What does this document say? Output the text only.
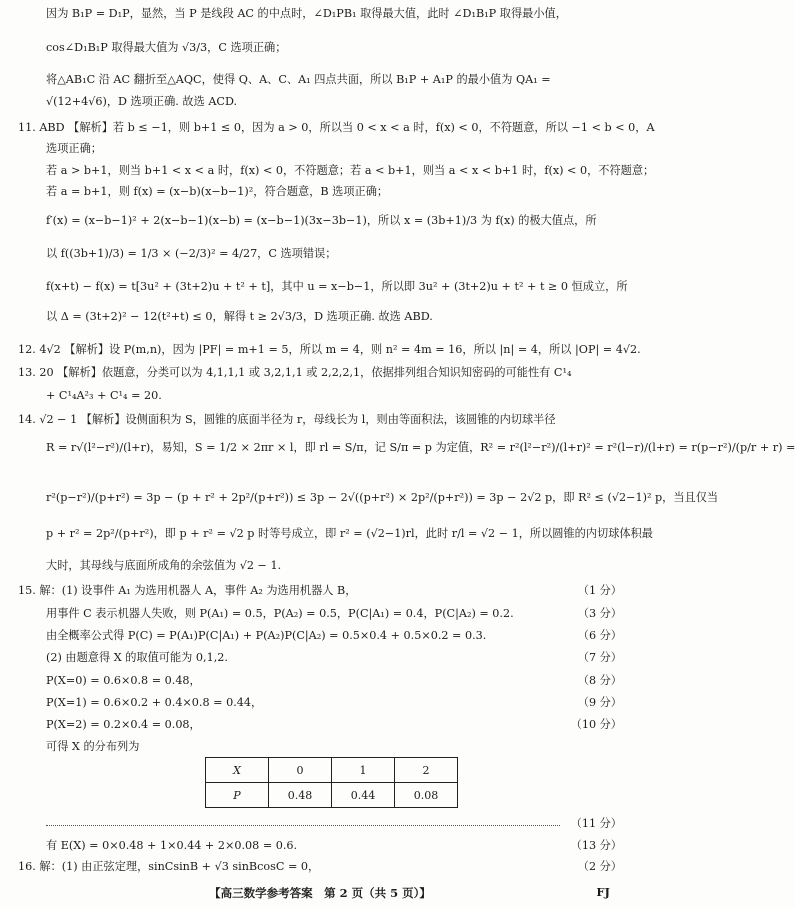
因为 B₁P = D₁P，显然，当 P 是线段 AC 的中点时，∠D₁PB₁ 取得最大值，此时 ∠D₁B₁P 取得最小值，
cos∠D₁B₁P 取得最大值为 √3/3，C 选项正确；
将△AB₁C 沿 AC 翻折至△AQC，使得 Q、A、C、A₁ 四点共面，所以 B₁P + A₁P 的最小值为 QA₁ =
√(12+4√6)，D 选项正确. 故选 ACD.
11. ABD 【解析】若 b ≤ −1，则 b+1 ≤ 0，因为 a > 0，所以当 0 < x < a 时，f(x) < 0，不符题意，所以 −1 < b < 0，A
选项正确；
若 a > b+1，则当 b+1 < x < a 时，f(x) < 0，不符题意；若 a < b+1，则当 a < x < b+1 时，f(x) < 0，不符题意；
若 a = b+1，则 f(x) = (x−b)(x−b−1)²，符合题意，B 选项正确；
f′(x) = (x−b−1)² + 2(x−b−1)(x−b) = (x−b−1)(3x−3b−1)，所以 x = (3b+1)/3 为 f(x) 的极大值点，所
以 f((3b+1)/3) = 1/3 × (−2/3)² = 4/27，C 选项错误；
f(x+t) − f(x) = t[3u² + (3t+2)u + t² + t]，其中 u = x−b−1，所以即 3u² + (3t+2)u + t² + t ≥ 0 恒成立，所
以 Δ = (3t+2)² − 12(t²+t) ≤ 0，解得 t ≥ 2√3/3，D 选项正确. 故选 ABD.
12. 4√2 【解析】设 P(m,n)，因为 |PF| = m+1 = 5，所以 m = 4，则 n² = 4m = 16，所以 |n| = 4，所以 |OP| = 4√2.
13. 20 【解析】依题意，分类可以为 4,1,1,1 或 3,2,1,1 或 2,2,2,1，依据排列组合知识知密码的可能性有 C¹₄
+ C¹₄A²₃ + C¹₄ = 20.
14. √2 − 1 【解析】设侧面积为 S，圆锥的底面半径为 r，母线长为 l，则由等面积法，该圆锥的内切球半径
R = r√(l²−r²)/(l+r)，易知，S = 1/2 × 2πr × l，即 rl = S/π，记 S/π = p 为定值，R² = r²(l²−r²)/(l+r)² = r²(l−r)/(l+r) = r(p−r²)/(p/r + r) =
r²(p−r²)/(p+r²) = 3p − (p + r² + 2p²/(p+r²)) ≤ 3p − 2√((p+r²) × 2p²/(p+r²)) = 3p − 2√2 p，即 R² ≤ (√2−1)² p，当且仅当
p + r² = 2p²/(p+r²)，即 p + r² = √2 p 时等号成立，即 r² = (√2−1)rl，此时 r/l = √2 − 1，所以圆锥的内切球体积最
大时，其母线与底面所成角的余弦值为 √2 − 1.
15. 解：(1) 设事件 A₁ 为选用机器人 A，事件 A₂ 为选用机器人 B，	（1 分）
用事件 C 表示机器人失败，则 P(A₁) = 0.5，P(A₂) = 0.5，P(C|A₁) = 0.4，P(C|A₂) = 0.2.	（3 分）
由全概率公式得 P(C) = P(A₁)P(C|A₁) + P(A₂)P(C|A₂) = 0.5×0.4 + 0.5×0.2 = 0.3.	（6 分）
(2) 由题意得 X 的取值可能为 0,1,2.	（7 分）
P(X=0) = 0.6×0.8 = 0.48，	（8 分）
P(X=1) = 0.6×0.2 + 0.4×0.8 = 0.44，	（9 分）
P(X=2) = 0.2×0.4 = 0.08，	（10 分）
可得 X 的分布列为
X	0	1	2
P	0.48	0.44	0.08
（11 分）
有 E(X) = 0×0.48 + 1×0.44 + 2×0.08 = 0.6.	（13 分）
16. 解：(1) 由正弦定理，sinCsinB + √3 sinBcosC = 0，	（2 分）
【高三数学参考答案　第 2 页（共 5 页）】	FJ
